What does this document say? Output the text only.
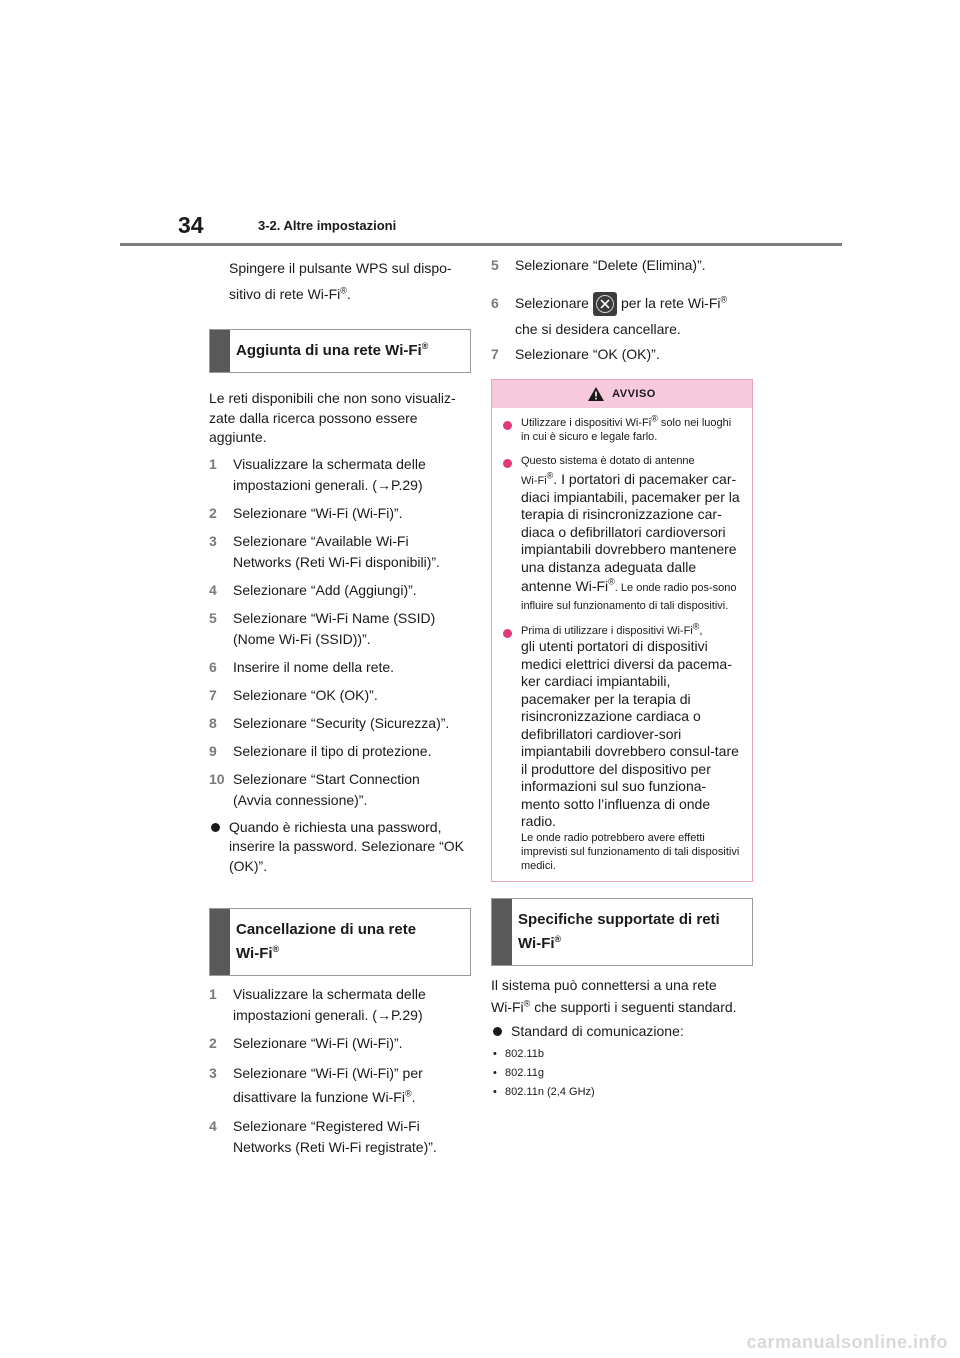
34	3-2. Altre impostazioni
Spingere il pulsante WPS sul dispo-
sitivo di rete Wi-Fi®.
Aggiunta di una rete Wi-Fi®

Le reti disponibili che non sono visualiz-zate dalla ricerca possono essere aggiunte.

1	Visualizzare la schermata delle
impostazioni generali. (→P.29)
2	Selezionare “Wi-Fi (Wi-Fi)”.
3	Selezionare “Available Wi-Fi
Networks (Reti Wi-Fi disponibili)”.
4	Selezionare “Add (Aggiungi)”.
5	Selezionare “Wi-Fi Name (SSID)
(Nome Wi-Fi (SSID))”.
6	Inserire il nome della rete.
7	Selezionare “OK (OK)”.
8	Selezionare “Security (Sicurezza)”.
9	Selezionare il tipo di protezione.
10 Selezionare “Start Connection
(Avvia connessione)”.
Quando è richiesta una password, inserire la password. Selezionare “OK (OK)”.
Cancellazione di una rete
Wi-Fi®
1	Visualizzare la schermata delle
impostazioni generali. (→P.29)
2	Selezionare “Wi-Fi (Wi-Fi)”.
3	Selezionare “Wi-Fi (Wi-Fi)” per
disattivare la funzione Wi-Fi®.
4	Selezionare “Registered Wi-Fi
Networks (Reti Wi-Fi registrate)”.
5	Selezionare “Delete (Elimina)”.
6	Selezionare per la rete Wi-Fi®
che si desidera cancellare.
7	Selezionare “OK (OK)”.
AVVISO
Utilizzare i dispositivi Wi-Fi® solo nei luoghi in cui è sicuro e legale farlo.
Questo sistema è dotato di antenne
Wi-Fi®. I portatori di pacemaker car-diaci impiantabili, pacemaker per la terapia di risincronizzazione car-diaca o defibrillatori cardioversori impiantabili dovrebbero mantenere una distanza adeguata dalle
antenne Wi-Fi®. Le onde radio pos-sono influire sul funzionamento di tali dispositivi.
Prima di utilizzare i dispositivi Wi-Fi®,
gli utenti portatori di dispositivi medici elettrici diversi da pacema-ker cardiaci impiantabili, pacemaker per la terapia di risincronizzazione cardiaca o defibrillatori cardiover-sori impiantabili dovrebbero consul-tare il produttore del dispositivo per informazioni sul suo funziona-mento sotto l’influenza di onde radio.
Le onde radio potrebbero avere effetti imprevisti sul funzionamento di tali dispositivi medici.
Specifiche supportate di reti
Wi-Fi®
Il sistema può connettersi a una rete
Wi-Fi® che supporti i seguenti standard.
Standard di comunicazione:
• 802.11b
• 802.11g
• 802.11n (2,4 GHz)
carmanualsonline.info
